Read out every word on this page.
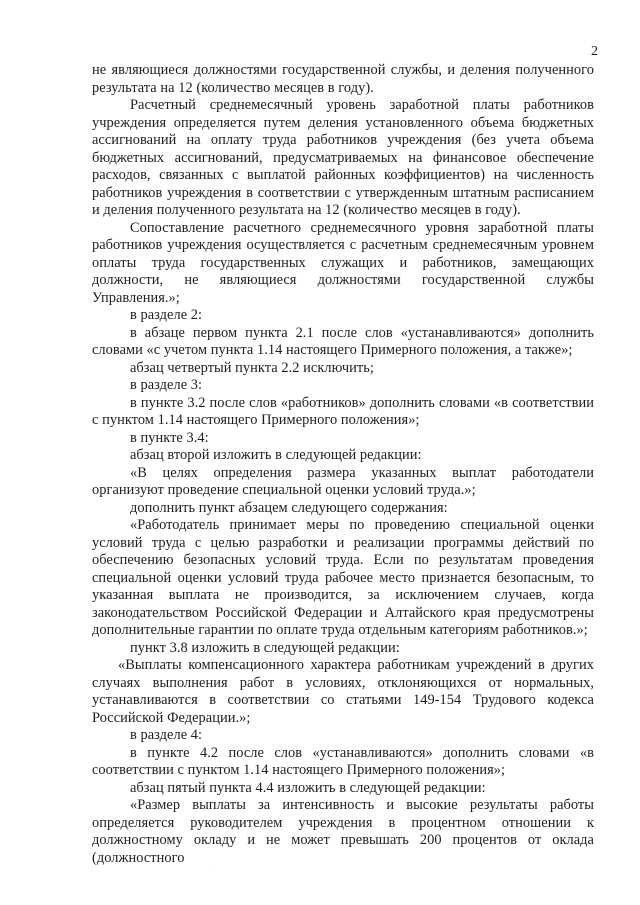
2

не являющиеся должностями государственной службы, и деления полученного результата на 12 (количество месяцев в году).

Расчетный среднемесячный уровень заработной платы работников учреждения определяется путем деления установленного объема бюджетных ассигнований на оплату труда работников учреждения (без учета объема бюджетных ассигнований, предусматриваемых на финансовое обеспечение расходов, связанных с выплатой районных коэффициентов) на численность работников учреждения в соответствии с утвержденным штатным расписанием и деления полученного результата на 12 (количество месяцев в году).

Сопоставление расчетного среднемесячного уровня заработной платы работников учреждения осуществляется с расчетным среднемесячным уровнем оплаты труда государственных служащих и работников, замещающих должности, не являющиеся должностями государственной службы Управления.»;

в разделе 2:

в абзаце первом пункта 2.1 после слов «устанавливаются» дополнить словами «с учетом пункта 1.14 настоящего Примерного положения, а также»;

абзац четвертый пункта 2.2 исключить;

в разделе 3:

в пункте 3.2 после слов «работников» дополнить словами «в соответствии с пунктом 1.14 настоящего Примерного положения»;

в пункте 3.4:

абзац второй изложить в следующей редакции:

«В целях определения размера указанных выплат работодатели организуют проведение специальной оценки условий труда.»;

дополнить пункт абзацем следующего содержания:

«Работодатель принимает меры по проведению специальной оценки условий труда с целью разработки и реализации программы действий по обеспечению безопасных условий труда. Если по результатам проведения специальной оценки условий труда рабочее место признается безопасным, то указанная выплата не производится, за исключением случаев, когда законодательством Российской Федерации и Алтайского края предусмотрены дополнительные гарантии по оплате труда отдельным категориям работников.»;

пункт 3.8 изложить в следующей редакции:

«Выплаты компенсационного характера работникам учреждений в других случаях выполнения работ в условиях, отклоняющихся от нормальных, устанавливаются в соответствии со статьями 149-154 Трудового кодекса Российской Федерации.»;

в разделе 4:

в пункте 4.2 после слов «устанавливаются» дополнить словами «в соответствии с пунктом 1.14 настоящего Примерного положения»;

абзац пятый пункта 4.4 изложить в следующей редакции:

«Размер выплаты за интенсивность и высокие результаты работы определяется руководителем учреждения в процентном отношении к должностному окладу и не может превышать 200 процентов от оклада (должностного

.
